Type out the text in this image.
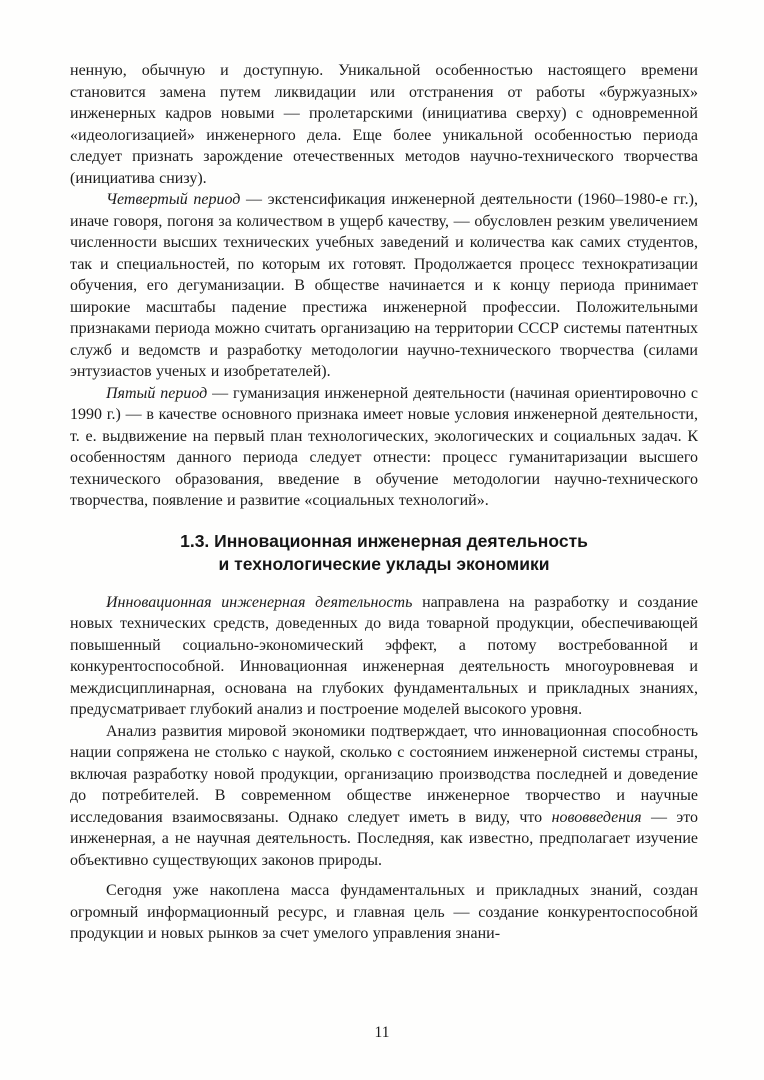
ненную, обычную и доступную. Уникальной особенностью настоящего времени становится замена путем ликвидации или отстранения от работы «буржуазных» инженерных кадров новыми — пролетарскими (инициатива сверху) с одновременной «идеологизацией» инженерного дела. Еще более уникальной особенностью периода следует признать зарождение отечественных методов научно-технического творчества (инициатива снизу).

Четвертый период — экстенсификация инженерной деятельности (1960–1980-е гг.), иначе говоря, погоня за количеством в ущерб качеству, — обусловлен резким увеличением численности высших технических учебных заведений и количества как самих студентов, так и специальностей, по которым их готовят. Продолжается процесс технократизации обучения, его дегуманизации. В обществе начинается и к концу периода принимает широкие масштабы падение престижа инженерной профессии. Положительными признаками периода можно считать организацию на территории СССР системы патентных служб и ведомств и разработку методологии научно-технического творчества (силами энтузиастов ученых и изобретателей).

Пятый период — гуманизация инженерной деятельности (начиная ориентировочно с 1990 г.) — в качестве основного признака имеет новые условия инженерной деятельности, т. е. выдвижение на первый план технологических, экологических и социальных задач. К особенностям данного периода следует отнести: процесс гуманитаризации высшего технического образования, введение в обучение методологии научно-технического творчества, появление и развитие «социальных технологий».

1.3. Инновационная инженерная деятельность
и технологические уклады экономики

Инновационная инженерная деятельность направлена на разработку и создание новых технических средств, доведенных до вида товарной продукции, обеспечивающей повышенный социально-экономический эффект, а потому востребованной и конкурентоспособной. Инновационная инженерная деятельность многоуровневая и междисциплинарная, основана на глубоких фундаментальных и прикладных знаниях, предусматривает глубокий анализ и построение моделей высокого уровня.

Анализ развития мировой экономики подтверждает, что инновационная способность нации сопряжена не столько с наукой, сколько с состоянием инженерной системы страны, включая разработку новой продукции, организацию производства последней и доведение до потребителей. В современном обществе инженерное творчество и научные исследования взаимосвязаны. Однако следует иметь в виду, что нововведения — это инженерная, а не научная деятельность. Последняя, как известно, предполагает изучение объективно существующих законов природы.

Сегодня уже накоплена масса фундаментальных и прикладных знаний, создан огромный информационный ресурс, и главная цель — создание конкурентоспособной продукции и новых рынков за счет умелого управления знани-

11
